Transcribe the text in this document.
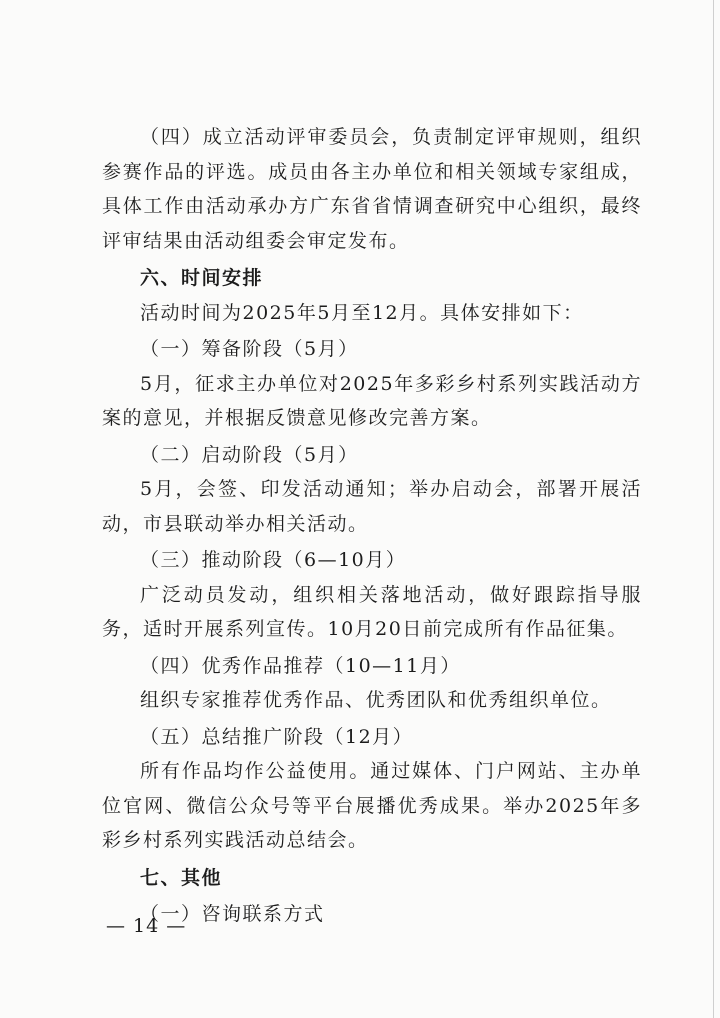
（四）成立活动评审委员会，负责制定评审规则，组织参赛作品的评选。成员由各主办单位和相关领域专家组成，具体工作由活动承办方广东省省情调查研究中心组织，最终评审结果由活动组委会审定发布。

六、时间安排

活动时间为2025年5月至12月。具体安排如下：

（一）筹备阶段（5月）

5月，征求主办单位对2025年多彩乡村系列实践活动方案的意见，并根据反馈意见修改完善方案。

（二）启动阶段（5月）

5月，会签、印发活动通知；举办启动会，部署开展活动，市县联动举办相关活动。

（三）推动阶段（6—10月）

广泛动员发动，组织相关落地活动，做好跟踪指导服务，适时开展系列宣传。10月20日前完成所有作品征集。

（四）优秀作品推荐（10—11月）

组织专家推荐优秀作品、优秀团队和优秀组织单位。

（五）总结推广阶段（12月）

所有作品均作公益使用。通过媒体、门户网站、主办单位官网、微信公众号等平台展播优秀成果。举办2025年多彩乡村系列实践活动总结会。

七、其他

（一）咨询联系方式

— 14 —
